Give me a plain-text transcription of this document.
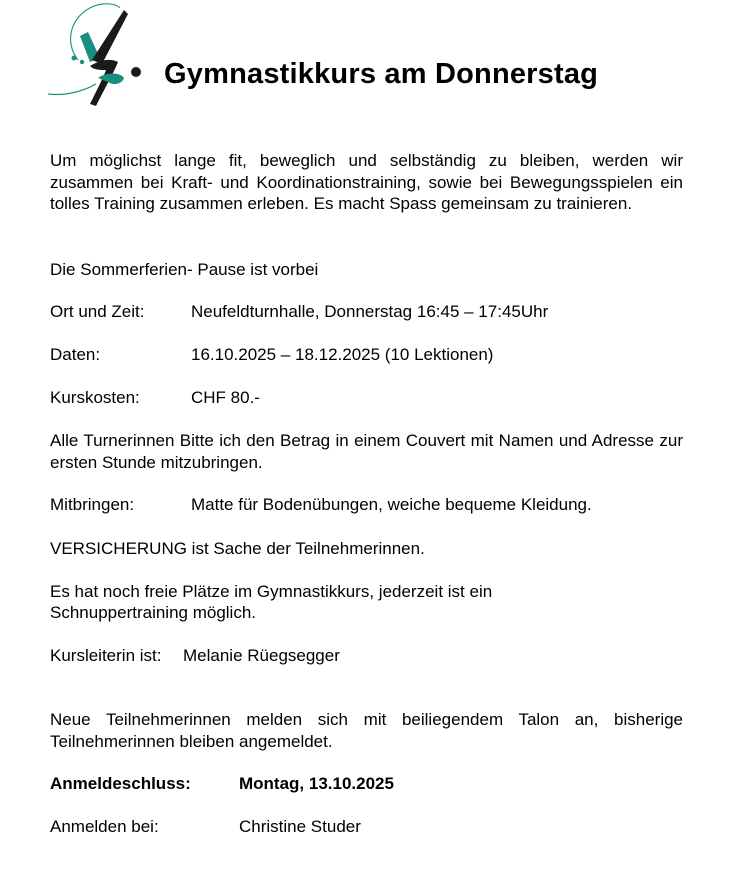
Gymnastikkurs am Donnerstag

Um möglichst lange fit, beweglich und selbständig zu bleiben, werden wir zusammen bei Kraft- und Koordinationstraining, sowie bei Bewegungsspielen ein tolles Training zusammen erleben. Es macht Spass gemeinsam zu trainieren.

Die Sommerferien- Pause ist vorbei
Ort und Zeit:	Neufeldturnhalle, Donnerstag 16:45 – 17:45Uhr
Daten:	16.10.2025 – 18.12.2025 (10 Lektionen)
Kurskosten:	CHF 80.-

Alle Turnerinnen Bitte ich den Betrag in einem Couvert mit Namen und Adresse zur ersten Stunde mitzubringen.

Mitbringen:	Matte für Bodenübungen, weiche bequeme Kleidung.
VERSICHERUNG ist Sache der Teilnehmerinnen.
Es hat noch freie Plätze im Gymnastikkurs, jederzeit ist ein
Schnuppertraining möglich.
Kursleiterin ist: Melanie Rüegsegger

Neue Teilnehmerinnen melden sich mit beiliegendem Talon an, bisherige Teilnehmerinnen bleiben angemeldet.

Anmeldeschluss:	Montag, 13.10.2025
Anmelden bei:	Christine Studer
